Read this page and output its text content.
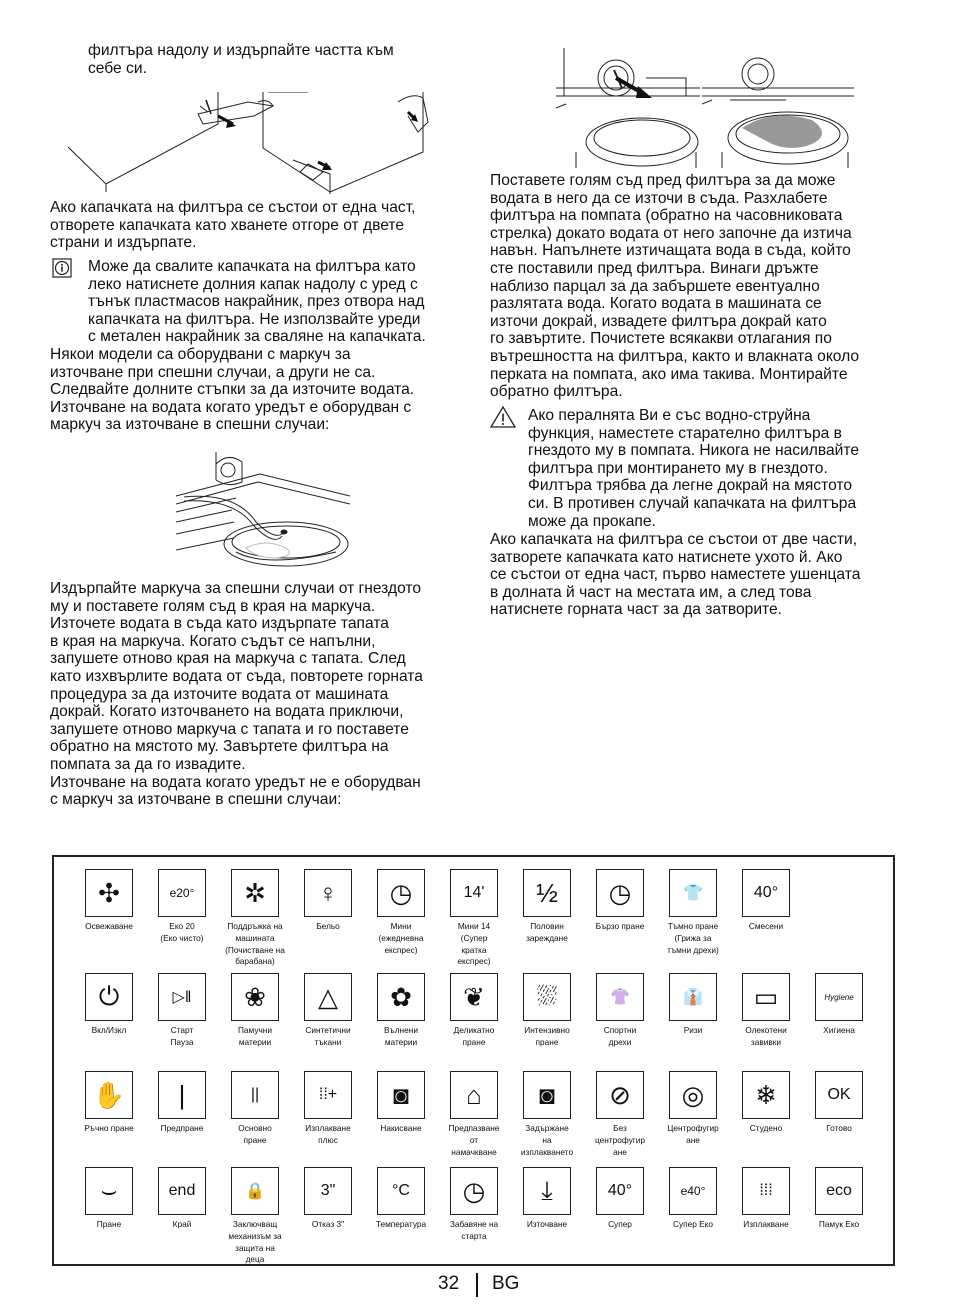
филтъра надолу и издърпайте частта към
себе си.
Ако капачката на филтъра се състои от една част,
отворете капачката като хванете отгоре от двете
страни и издърпате.
Може да свалите капачката на филтъра като
леко натиснете долния капак надолу с уред с
тънък пластмасов накрайник, през отвора над
капачката на филтъра. Не използвайте уреди
с метален накрайник за сваляне на капачката.
Някои модели са оборудвани с маркуч за
източване при спешни случаи, а други не са.
Следвайте долните стъпки за да източите водата.
Източване на водата когато уредът е оборудван с
маркуч за източване в спешни случаи:
Издърпайте маркуча за спешни случаи от гнездото
му и поставете голям съд в края на маркуча.
Източете водата в съда като издърпате тапата
в края на маркуча. Когато съдът се напълни,
запушете отново края на маркуча с тапата. След
като изхвърлите водата от съда, повторете горната
процедура за да източите водата от машината
докрай. Когато източването на водата приключи,
запушете отново маркуча с тапата и го поставете
обратно на мястото му. Завъртете филтъра на
помпата за да го извадите.
Източване на водата когато уредът не е оборудван
с маркуч за източване в спешни случаи:
Поставете голям съд пред филтъра за да може
водата в него да се източи в съда. Разхлабете
филтъра на помпата (обратно на часовниковата
стрелка) докато водата от него започне да изтича
навън. Напълнете изтичащата вода в съда, който
сте поставили пред филтъра. Винаги дръжте
наблизо парцал за да забършете евентуално
разлятата вода. Когато водата в машината се
източи докрай, извадете филтъра докрай като
го завъртите. Почистете всякакви отлагания по
вътрешността на филтъра, както и влакната около
перката на помпата, ако има такива. Монтирайте
обратно филтъра.
Ако пералнята Ви е със водно-струйна
функция, наместете старателно филтъра в
гнездото му в помпата. Никога не насилвайте
филтъра при монтирането му в гнездото.
Филтъра трябва да легне докрай на мястото
си. В противен случай капачката на филтъра
може да прокапе.
Ако капачката на филтъра се състои от две части,
затворете капачката като натиснете ухото й. Ако
се състои от една част, първо наместете ушенцата
в долната й част на местата им, а след това
натиснете горната част за да затворите.
✣
Освежаване
e20°
Еко 20
(Еко чисто)
✲
Поддръжка на
машината
(Почистване на
барабана)
♀
Бельо
◷
Мини
(ежедневна
експрес)
14'
Мини 14
(Супер
кратка
експрес)
½
Половин
зареждане
◷
Бързо пране
👕
Тъмно пране
(Грижа за
тъмни дрехи)
40°
Смесени
⏻
Вкл/Изкл
▷‖
Старт
Пауза
❀
Памучни
материи
△
Синтетични
тъкани
✿
Вълнени
материи
❦
Деликатно
пране
⛆
Интензивно
пране
👚
Спортни
дрехи
👔
Ризи
▭
Олекотени
завивки
Hygiene
Хигиена
✋
Ръчно пране
|
Предпране
||
Основно
пране
⁞⁞+
Изплакване
плюс
◙
Накисване
⌂
Предпазване
от
намачкване
◙
Задържане
на
изплакването
⊘
Без
центрофугир
ане
◎
Центрофугир
ане
❄
Студено
OK
Готово
⌣
Пране
end
Край
🔒
Заключващ
механизъм за
защита на
деца
3"
Отказ 3"
°C
Температура
◷
Забавяне на
старта
⤓
Източване
40°
Супер
e40°
Супер Еко
⁞⁞⁞
Изплакване
eco
Памук Еко
32 BG
